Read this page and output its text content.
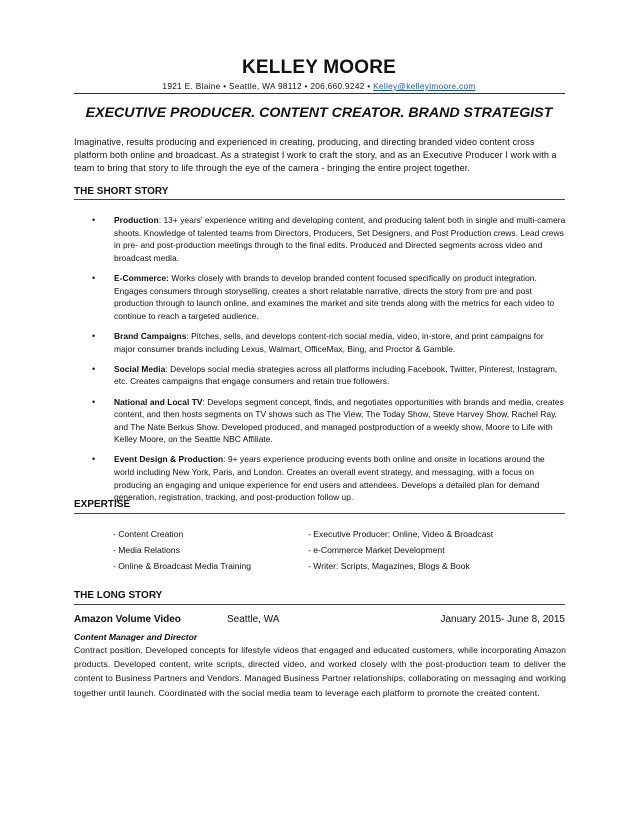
KELLEY MOORE
1921 E. Blaine • Seattle, WA 98112 • 206.660.9242 • Kelley@kelleylmoore.com
EXECUTIVE PRODUCER. CONTENT CREATOR. BRAND STRATEGIST
Imaginative, results producing and experienced in creating, producing, and directing branded video content cross platform both online and broadcast. As a strategist I work to craft the story, and as an Executive Producer I work with a team to bring that story to life through the eye of the camera - bringing the entire project together.
THE SHORT STORY
• Production: 13+ years’ experience writing and developing content, and producing talent both in single and multi-camera shoots. Knowledge of talented teams from Directors, Producers, Set Designers, and Post Production crews. Lead crews in pre- and post-production meetings through to the final edits. Produced and Directed segments across video and broadcast media.
• E-Commerce: Works closely with brands to develop branded content focused specifically on product integration. Engages consumers through storyselling, creates a short relatable narrative, directs the story from pre and post production through to launch online, and examines the market and site trends along with the metrics for each video to continue to reach a targeted audience.
• Brand Campaigns: Pitches, sells, and develops content-rich social media, video, in-store, and print campaigns for major consumer brands including Lexus, Walmart, OfficeMax, Bing, and Proctor & Gamble.
• Social Media: Develops social media strategies across all platforms including Facebook, Twitter, Pinterest, Instagram, etc. Creates campaigns that engage consumers and retain true followers.
• National and Local TV: Develops segment concept, finds, and negotiates opportunities with brands and media, creates content, and then hosts segments on TV shows such as The View, The Today Show, Steve Harvey Show, Rachel Ray, and The Nate Berkus Show. Developed produced, and managed postproduction of a weekly show, Moore to Life with Kelley Moore, on the Seattle NBC Affiliate.
• Event Design & Production: 9+ years experience producing events both online and onsite in locations around the world including New York, Paris, and London. Creates an overall event strategy, and messaging, with a focus on producing an engaging and unique experience for end users and attendees. Develops a detailed plan for demand generation, registration, tracking, and post-production follow up.
EXPERTISE
- Content Creation	- Executive Producer: Online, Video & Broadcast
- Media Relations	- e-Commerce Market Development
- Online & Broadcast Media Training	- Writer: Scripts, Magazines, Blogs & Book
THE LONG STORY
Amazon Volume Video	Seattle, WA	January 2015- June 8, 2015
Content Manager and Director
Contract position. Developed concepts for lifestyle videos that engaged and educated customers, while incorporating Amazon products. Developed content, write scripts, directed video, and worked closely with the post-production team to deliver the content to Business Partners and Vendors. Managed Business Partner relationships, collaborating on messaging and working together until launch. Coordinated with the social media team to leverage each platform to promote the created content.
